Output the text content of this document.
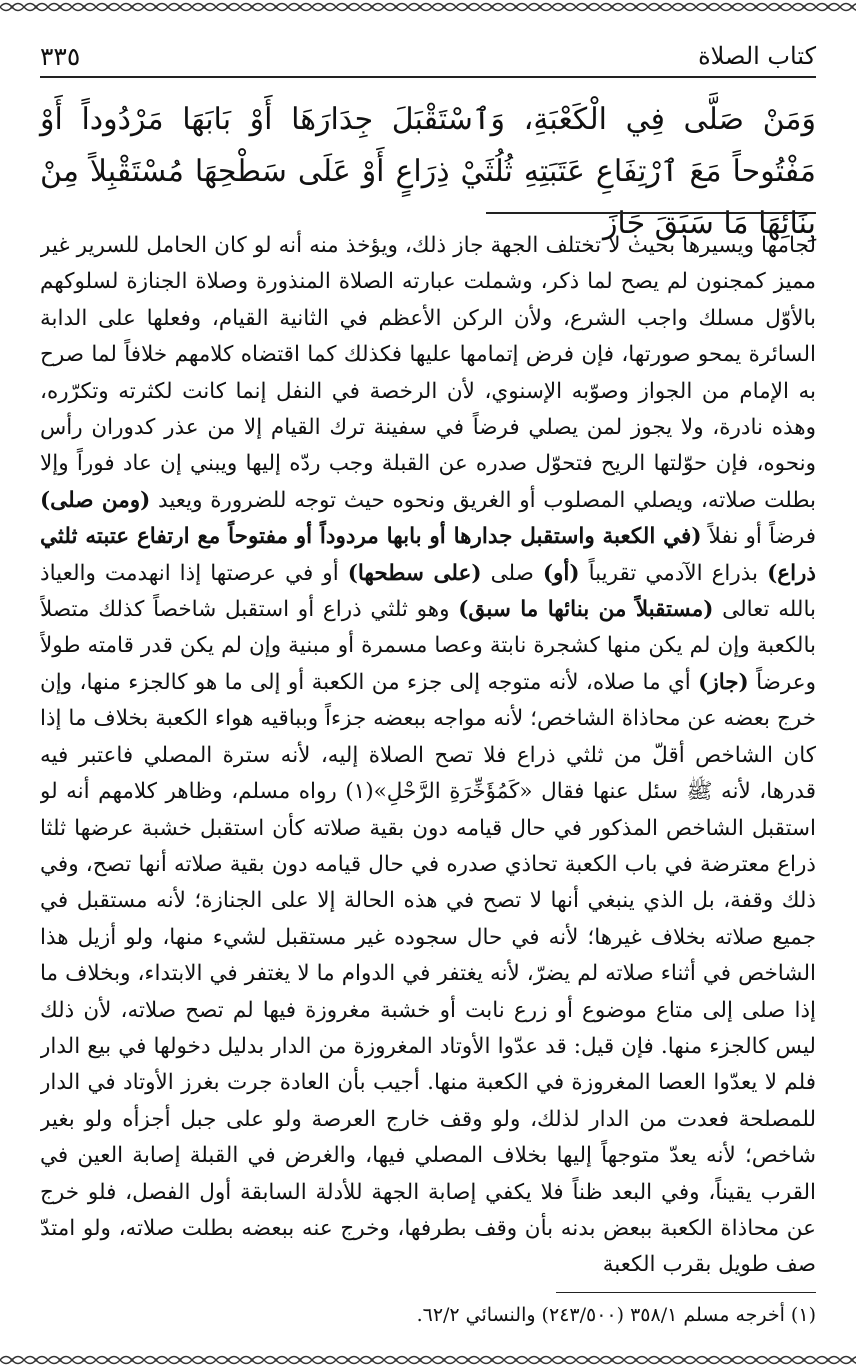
٣٣٥	كتاب الصلاة
وَمَنْ صَلَّى فِي الْكَعْبَةِ، وَٱسْتَقْبَلَ جِدَارَهَا أَوْ بَابَهَا مَرْدُوداً أَوْ مَفْتُوحاً مَعَ ٱرْتِفَاعِ عَتَبَتِهِ ثُلُثَيْ ذِرَاعٍ أَوْ عَلَى سَطْحِهَا مُسْتَقْبِلاً مِنْ بِنَائِهَا مَا سَبَقَ جَازَ

لجامها ويسيرها بحيث لا تختلف الجهة جاز ذلك، ويؤخذ منه أنه لو كان الحامل للسرير غير مميز كمجنون لم يصح لما ذكر، وشملت عبارته الصلاة المنذورة وصلاة الجنازة لسلوكهم بالأوّل مسلك واجب الشرع، ولأن الركن الأعظم في الثانية القيام، وفعلها على الدابة السائرة يمحو صورتها، فإن فرض إتمامها عليها فكذلك كما اقتضاه كلامهم خلافاً لما صرح به الإمام من الجواز وصوّبه الإسنوي، لأن الرخصة في النفل إنما كانت لكثرته وتكرّره، وهذه نادرة، ولا يجوز لمن يصلي فرضاً في سفينة ترك القيام إلا من عذر كدوران رأس ونحوه، فإن حوّلتها الريح فتحوّل صدره عن القبلة وجب ردّه إليها ويبني إن عاد فوراً وإلا بطلت صلاته، ويصلي المصلوب أو الغريق ونحوه حيث توجه للضرورة ويعيد (ومن صلى) فرضاً أو نفلاً (في الكعبة واستقبل جدارها أو بابها مردوداً أو مفتوحاً مع ارتفاع عتبته ثلثي ذراع) بذراع الآدمي تقريباً (أو) صلى (على سطحها) أو في عرصتها إذا انهدمت والعياذ بالله تعالى (مستقبلاً من بنائها ما سبق) وهو ثلثي ذراع أو استقبل شاخصاً كذلك متصلاً بالكعبة وإن لم يكن منها كشجرة نابتة وعصا مسمرة أو مبنية وإن لم يكن قدر قامته طولاً وعرضاً (جاز) أي ما صلاه، لأنه متوجه إلى جزء من الكعبة أو إلى ما هو كالجزء منها، وإن خرج بعضه عن محاذاة الشاخص؛ لأنه مواجه ببعضه جزءاً وبباقيه هواء الكعبة بخلاف ما إذا كان الشاخص أقلّ من ثلثي ذراع فلا تصح الصلاة إليه، لأنه سترة المصلي فاعتبر فيه قدرها، لأنه ﷺ سئل عنها فقال «كَمُؤَخِّرَةِ الرَّحْلِ»(١) رواه مسلم، وظاهر كلامهم أنه لو استقبل الشاخص المذكور في حال قيامه دون بقية صلاته كأن استقبل خشبة عرضها ثلثا ذراع معترضة في باب الكعبة تحاذي صدره في حال قيامه دون بقية صلاته أنها تصح، وفي ذلك وقفة، بل الذي ينبغي أنها لا تصح في هذه الحالة إلا على الجنازة؛ لأنه مستقبل في جميع صلاته بخلاف غيرها؛ لأنه في حال سجوده غير مستقبل لشيء منها، ولو أزيل هذا الشاخص في أثناء صلاته لم يضرّ، لأنه يغتفر في الدوام ما لا يغتفر في الابتداء، وبخلاف ما إذا صلى إلى متاع موضوع أو زرع نابت أو خشبة مغروزة فيها لم تصح صلاته، لأن ذلك ليس كالجزء منها. فإن قيل: قد عدّوا الأوتاد المغروزة من الدار بدليل دخولها في بيع الدار فلم لا يعدّوا العصا المغروزة في الكعبة منها. أجيب بأن العادة جرت بغرز الأوتاد في الدار للمصلحة فعدت من الدار لذلك، ولو وقف خارج العرصة ولو على جبل أجزأه ولو بغير شاخص؛ لأنه يعدّ متوجهاً إليها بخلاف المصلي فيها، والغرض في القبلة إصابة العين في القرب يقيناً، وفي البعد ظناً فلا يكفي إصابة الجهة للأدلة السابقة أول الفصل، فلو خرج عن محاذاة الكعبة ببعض بدنه بأن وقف بطرفها، وخرج عنه ببعضه بطلت صلاته، ولو امتدّ صف طويل بقرب الكعبة

(١) أخرجه مسلم ٣٥٨/١ (٢٤٣/٥٠٠) والنسائي ٦٢/٢.
